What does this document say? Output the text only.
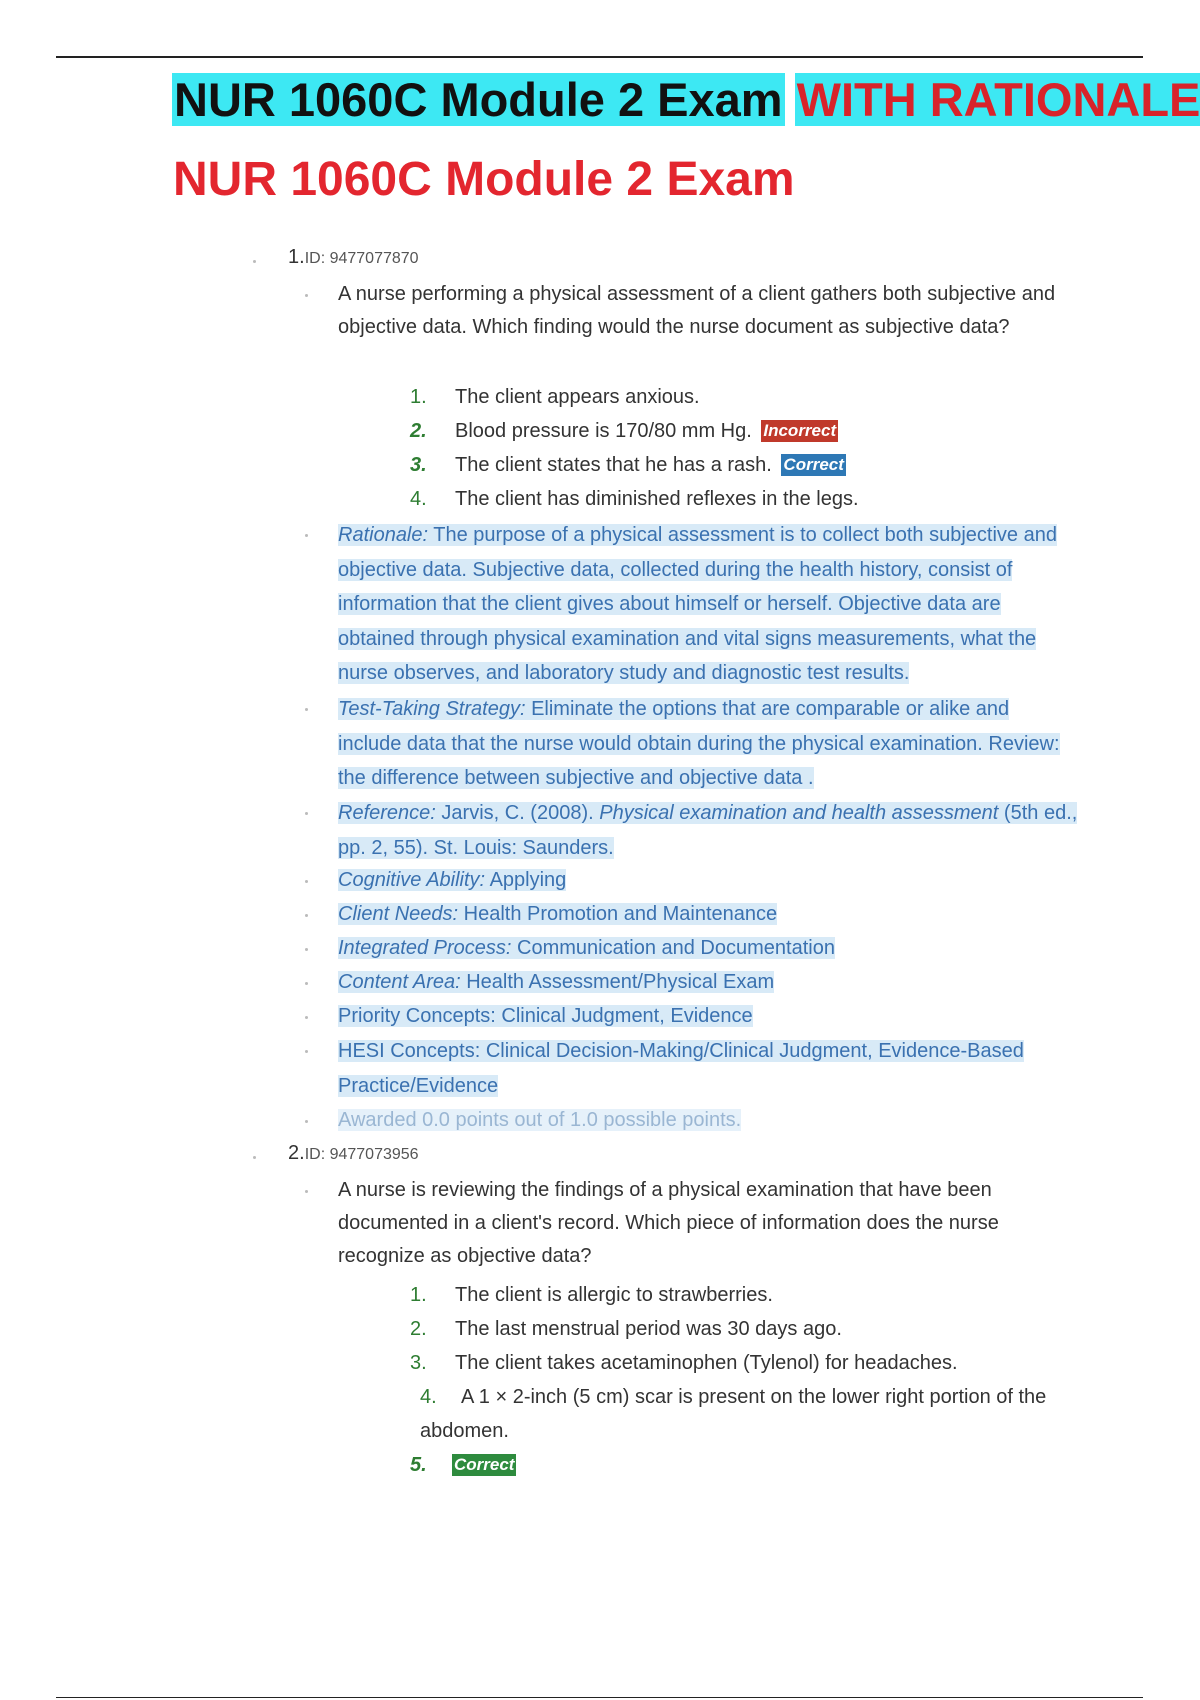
NUR 1060C Module 2 Exam WITH RATIONALE
NUR 1060C Module 2 Exam
1.ID: 9477077870
A nurse performing a physical assessment of a client gathers both subjective and objective data. Which finding would the nurse document as subjective data?
1. The client appears anxious.
2. Blood pressure is 170/80 mm Hg. Incorrect
3. The client states that he has a rash. Correct
4. The client has diminished reflexes in the legs.
Rationale: The purpose of a physical assessment is to collect both subjective and objective data. Subjective data, collected during the health history, consist of information that the client gives about himself or herself. Objective data are obtained through physical examination and vital signs measurements, what the nurse observes, and laboratory study and diagnostic test results.
Test-Taking Strategy: Eliminate the options that are comparable or alike and include data that the nurse would obtain during the physical examination. Review: the difference between subjective and objective data .
Reference: Jarvis, C. (2008). Physical examination and health assessment (5th ed., pp. 2, 55). St. Louis: Saunders.
Cognitive Ability: Applying
Client Needs: Health Promotion and Maintenance
Integrated Process: Communication and Documentation
Content Area: Health Assessment/Physical Exam
Priority Concepts: Clinical Judgment, Evidence
HESI Concepts: Clinical Decision-Making/Clinical Judgment, Evidence-Based Practice/Evidence
Awarded 0.0 points out of 1.0 possible points.
2.ID: 9477073956
A nurse is reviewing the findings of a physical examination that have been documented in a client's record. Which piece of information does the nurse recognize as objective data?
1. The client is allergic to strawberries.
2. The last menstrual period was 30 days ago.
3. The client takes acetaminophen (Tylenol) for headaches.
4. A 1 × 2-inch (5 cm) scar is present on the lower right portion of the abdomen.
5. Correct
